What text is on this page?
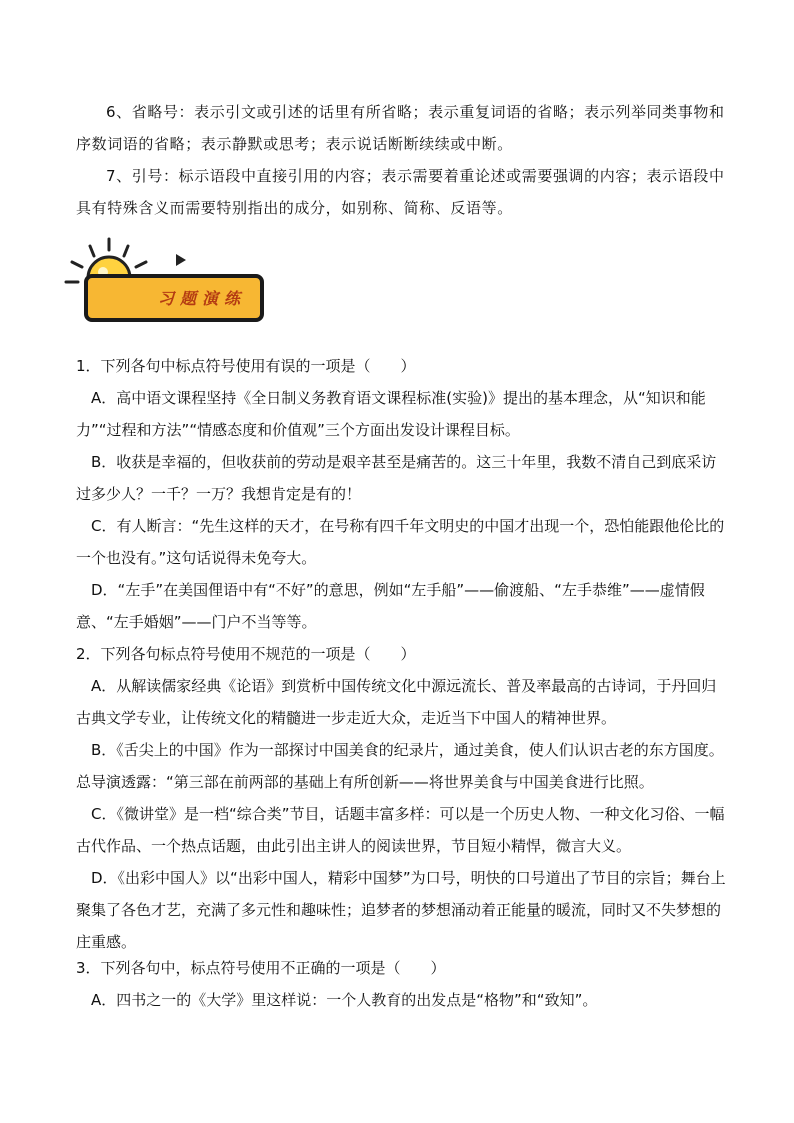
6、省略号：表示引文或引述的话里有所省略；表示重复词语的省略；表示列举同类事物和序数词语的省略；表示静默或思考；表示说话断断续续或中断。

7、引号：标示语段中直接引用的内容；表示需要着重论述或需要强调的内容；表示语段中具有特殊含义而需要特别指出的成分，如别称、简称、反语等。

习题演练

1．下列各句中标点符号使用有误的一项是（　　）

A．高中语文课程坚持《全日制义务教育语文课程标准(实验)》提出的基本理念，从“知识和能力”“过程和方法”“情感态度和价值观”三个方面出发设计课程目标。

B．收获是幸福的，但收获前的劳动是艰辛甚至是痛苦的。这三十年里，我数不清自己到底采访过多少人？一千？一万？我想肯定是有的！

C．有人断言：“先生这样的天才，在号称有四千年文明史的中国才出现一个，恐怕能跟他伦比的一个也没有。”这句话说得未免夸大。

D．“左手”在美国俚语中有“不好”的意思，例如“左手船”——偷渡船、“左手恭维”——虚情假意、“左手婚姻”——门户不当等等。

2．下列各句标点符号使用不规范的一项是（　　）

A．从解读儒家经典《论语》到赏析中国传统文化中源远流长、普及率最高的古诗词，于丹回归古典文学专业，让传统文化的精髓进一步走近大众，走近当下中国人的精神世界。

B．《舌尖上的中国》作为一部探讨中国美食的纪录片，通过美食，使人们认识古老的东方国度。总导演透露：“第三部在前两部的基础上有所创新——将世界美食与中国美食进行比照。

C．《微讲堂》是一档“综合类”节目，话题丰富多样：可以是一个历史人物、一种文化习俗、一幅古代作品、一个热点话题，由此引出主讲人的阅读世界，节目短小精悍，微言大义。

D．《出彩中国人》以“出彩中国人，精彩中国梦”为口号，明快的口号道出了节目的宗旨；舞台上聚集了各色才艺，充满了多元性和趣味性；追梦者的梦想涌动着正能量的暖流，同时又不失梦想的庄重感。

3．下列各句中，标点符号使用不正确的一项是（　　）

A．四书之一的《大学》里这样说：一个人教育的出发点是“格物”和“致知”。
